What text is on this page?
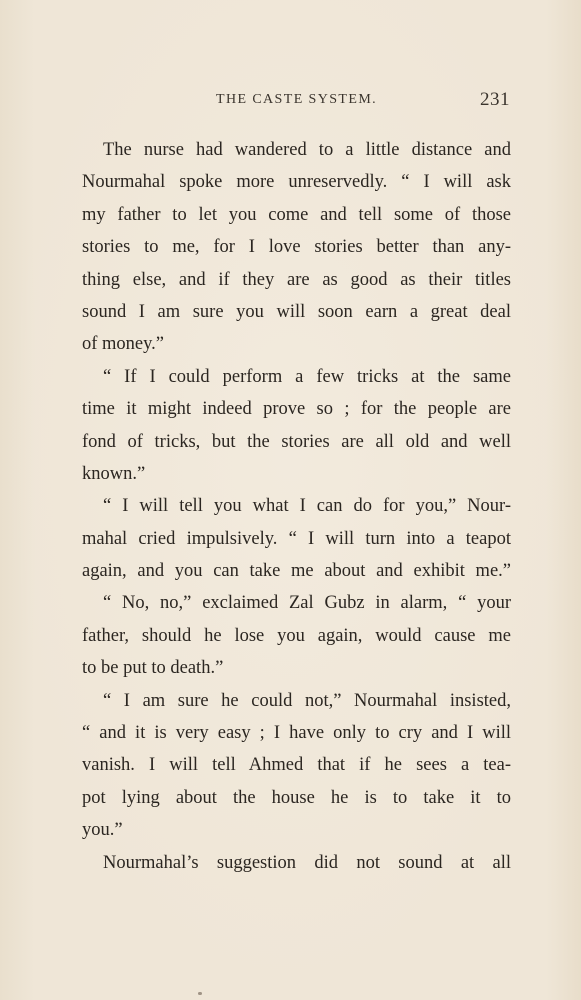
THE CASTE SYSTEM.	231
The nurse had wandered to a little distance and
Nourmahal spoke more unreservedly. “ I will ask
my father to let you come and tell some of those
stories to me, for I love stories better than any-
thing else, and if they are as good as their titles
sound I am sure you will soon earn a great deal
of money.”
“ If I could perform a few tricks at the same
time it might indeed prove so ; for the people are
fond of tricks, but the stories are all old and well
known.”
“ I will tell you what I can do for you,” Nour-
mahal cried impulsively. “ I will turn into a teapot
again, and you can take me about and exhibit me.”
“ No, no,” exclaimed Zal Gubz in alarm, “ your
father, should he lose you again, would cause me
to be put to death.”
“ I am sure he could not,” Nourmahal insisted,
“ and it is very easy ; I have only to cry and I will
vanish. I will tell Ahmed that if he sees a tea-
pot lying about the house he is to take it to
you.”
Nourmahal’s suggestion did not sound at all
